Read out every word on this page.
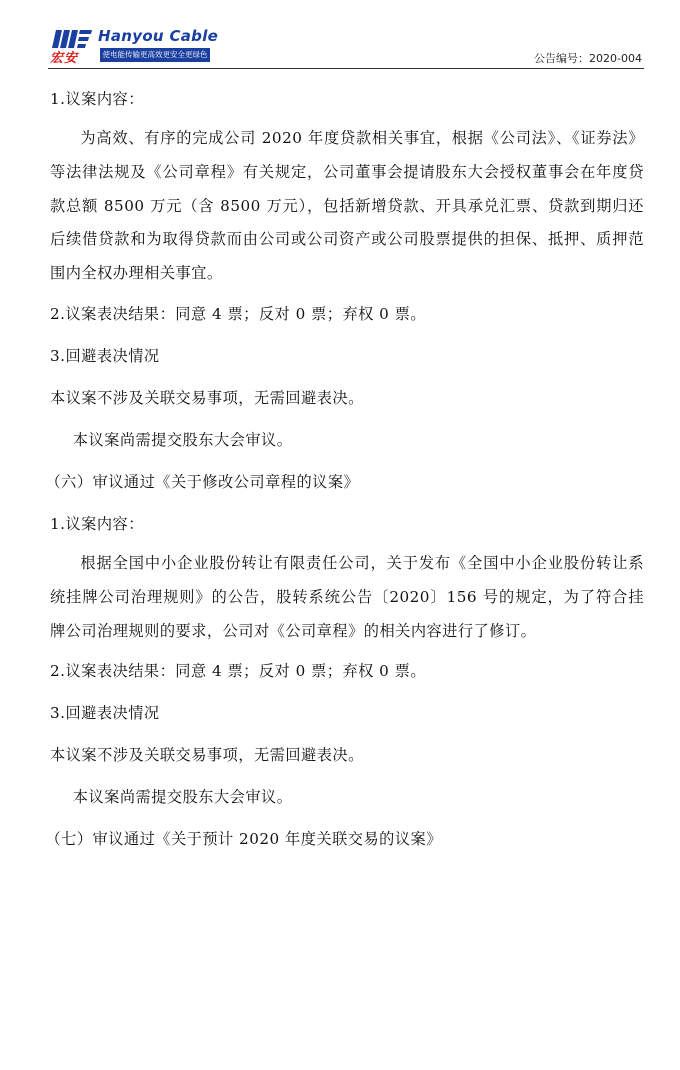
宏安
Hanyou Cable
使电能传输更高效更安全更绿色	公告编号：2020-004

1.议案内容：

为高效、有序的完成公司 2020 年度贷款相关事宜，根据《公司法》、《证券法》等法律法规及《公司章程》有关规定，公司董事会提请股东大会授权董事会在年度贷款总额 8500 万元（含 8500 万元），包括新增贷款、开具承兑汇票、贷款到期归还后续借贷款和为取得贷款而由公司或公司资产或公司股票提供的担保、抵押、质押范围内全权办理相关事宜。

2.议案表决结果：同意 4 票；反对 0 票；弃权 0 票。

3.回避表决情况

本议案不涉及关联交易事项，无需回避表决。

本议案尚需提交股东大会审议。

（六）审议通过《关于修改公司章程的议案》

1.议案内容：

根据全国中小企业股份转让有限责任公司，关于发布《全国中小企业股份转让系统挂牌公司治理规则》的公告，股转系统公告〔2020〕156 号的规定，为了符合挂牌公司治理规则的要求，公司对《公司章程》的相关内容进行了修订。

2.议案表决结果：同意 4 票；反对 0 票；弃权 0 票。

3.回避表决情况

本议案不涉及关联交易事项，无需回避表决。

本议案尚需提交股东大会审议。

（七）审议通过《关于预计 2020 年度关联交易的议案》
